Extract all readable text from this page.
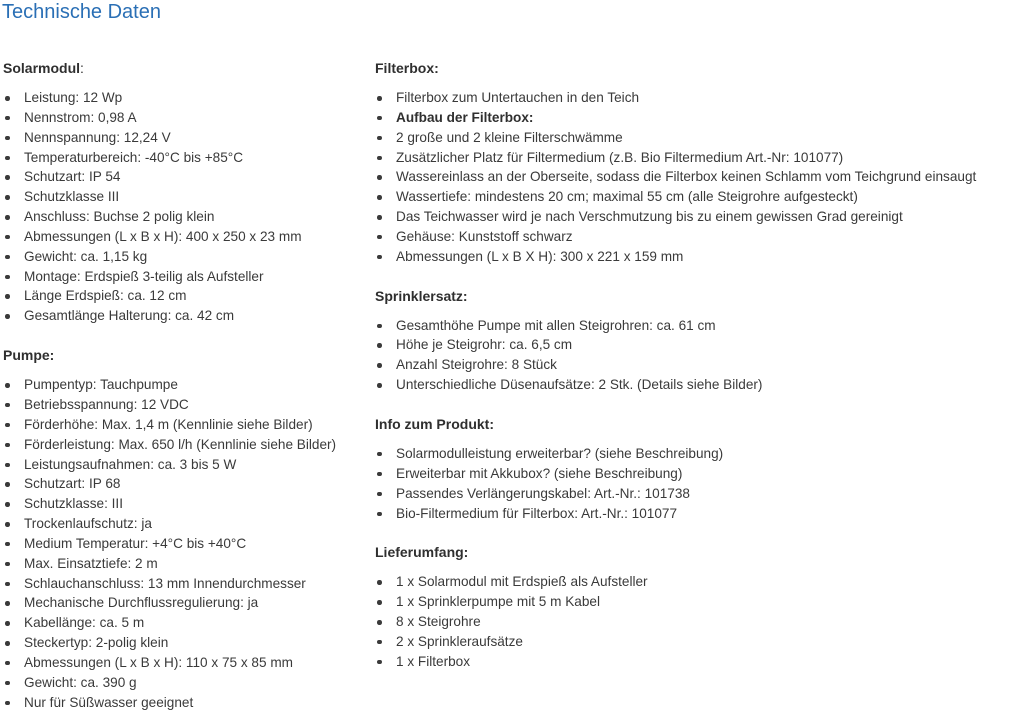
Technische Daten
Solarmodul:
Leistung: 12 Wp
Nennstrom: 0,98 A
Nennspannung: 12,24 V
Temperaturbereich: -40°C bis +85°C
Schutzart: IP 54
Schutzklasse III
Anschluss: Buchse 2 polig klein
Abmessungen (L x B x H): 400 x 250 x 23 mm
Gewicht: ca. 1,15 kg
Montage: Erdspieß 3-teilig als Aufsteller
Länge Erdspieß: ca. 12 cm
Gesamtlänge Halterung: ca. 42 cm
Pumpe:
Pumpentyp: Tauchpumpe
Betriebsspannung: 12 VDC
Förderhöhe: Max. 1,4 m (Kennlinie siehe Bilder)
Förderleistung: Max. 650 l/h (Kennlinie siehe Bilder)
Leistungsaufnahmen: ca. 3 bis 5 W
Schutzart: IP 68
Schutzklasse: III
Trockenlaufschutz: ja
Medium Temperatur: +4°C bis +40°C
Max. Einsatztiefe: 2 m
Schlauchanschluss: 13 mm Innendurchmesser
Mechanische Durchflussregulierung: ja
Kabellänge: ca. 5 m
Steckertyp: 2-polig klein
Abmessungen (L x B x H): 110 x 75 x 85 mm
Gewicht: ca. 390 g
Nur für Süßwasser geeignet
Filterbox:
Filterbox zum Untertauchen in den Teich
Aufbau der Filterbox:
2 große und 2 kleine Filterschwämme
Zusätzlicher Platz für Filtermedium (z.B. Bio Filtermedium Art.-Nr: 101077)
Wassereinlass an der Oberseite, sodass die Filterbox keinen Schlamm vom Teichgrund einsaugt
Wassertiefe: mindestens 20 cm; maximal 55 cm (alle Steigrohre aufgesteckt)
Das Teichwasser wird je nach Verschmutzung bis zu einem gewissen Grad gereinigt
Gehäuse: Kunststoff schwarz
Abmessungen (L x B X H): 300 x 221 x 159 mm
Sprinklersatz:
Gesamthöhe Pumpe mit allen Steigrohren: ca. 61 cm
Höhe je Steigrohr: ca. 6,5 cm
Anzahl Steigrohre: 8 Stück
Unterschiedliche Düsenaufsätze: 2 Stk. (Details siehe Bilder)
Info zum Produkt:
Solarmodulleistung erweiterbar? (siehe Beschreibung)
Erweiterbar mit Akkubox? (siehe Beschreibung)
Passendes Verlängerungskabel: Art.-Nr.: 101738
Bio-Filtermedium für Filterbox: Art.-Nr.: 101077
Lieferumfang:
1 x Solarmodul mit Erdspieß als Aufsteller
1 x Sprinklerpumpe mit 5 m Kabel
8 x Steigrohre
2 x Sprinkleraufsätze
1 x Filterbox
